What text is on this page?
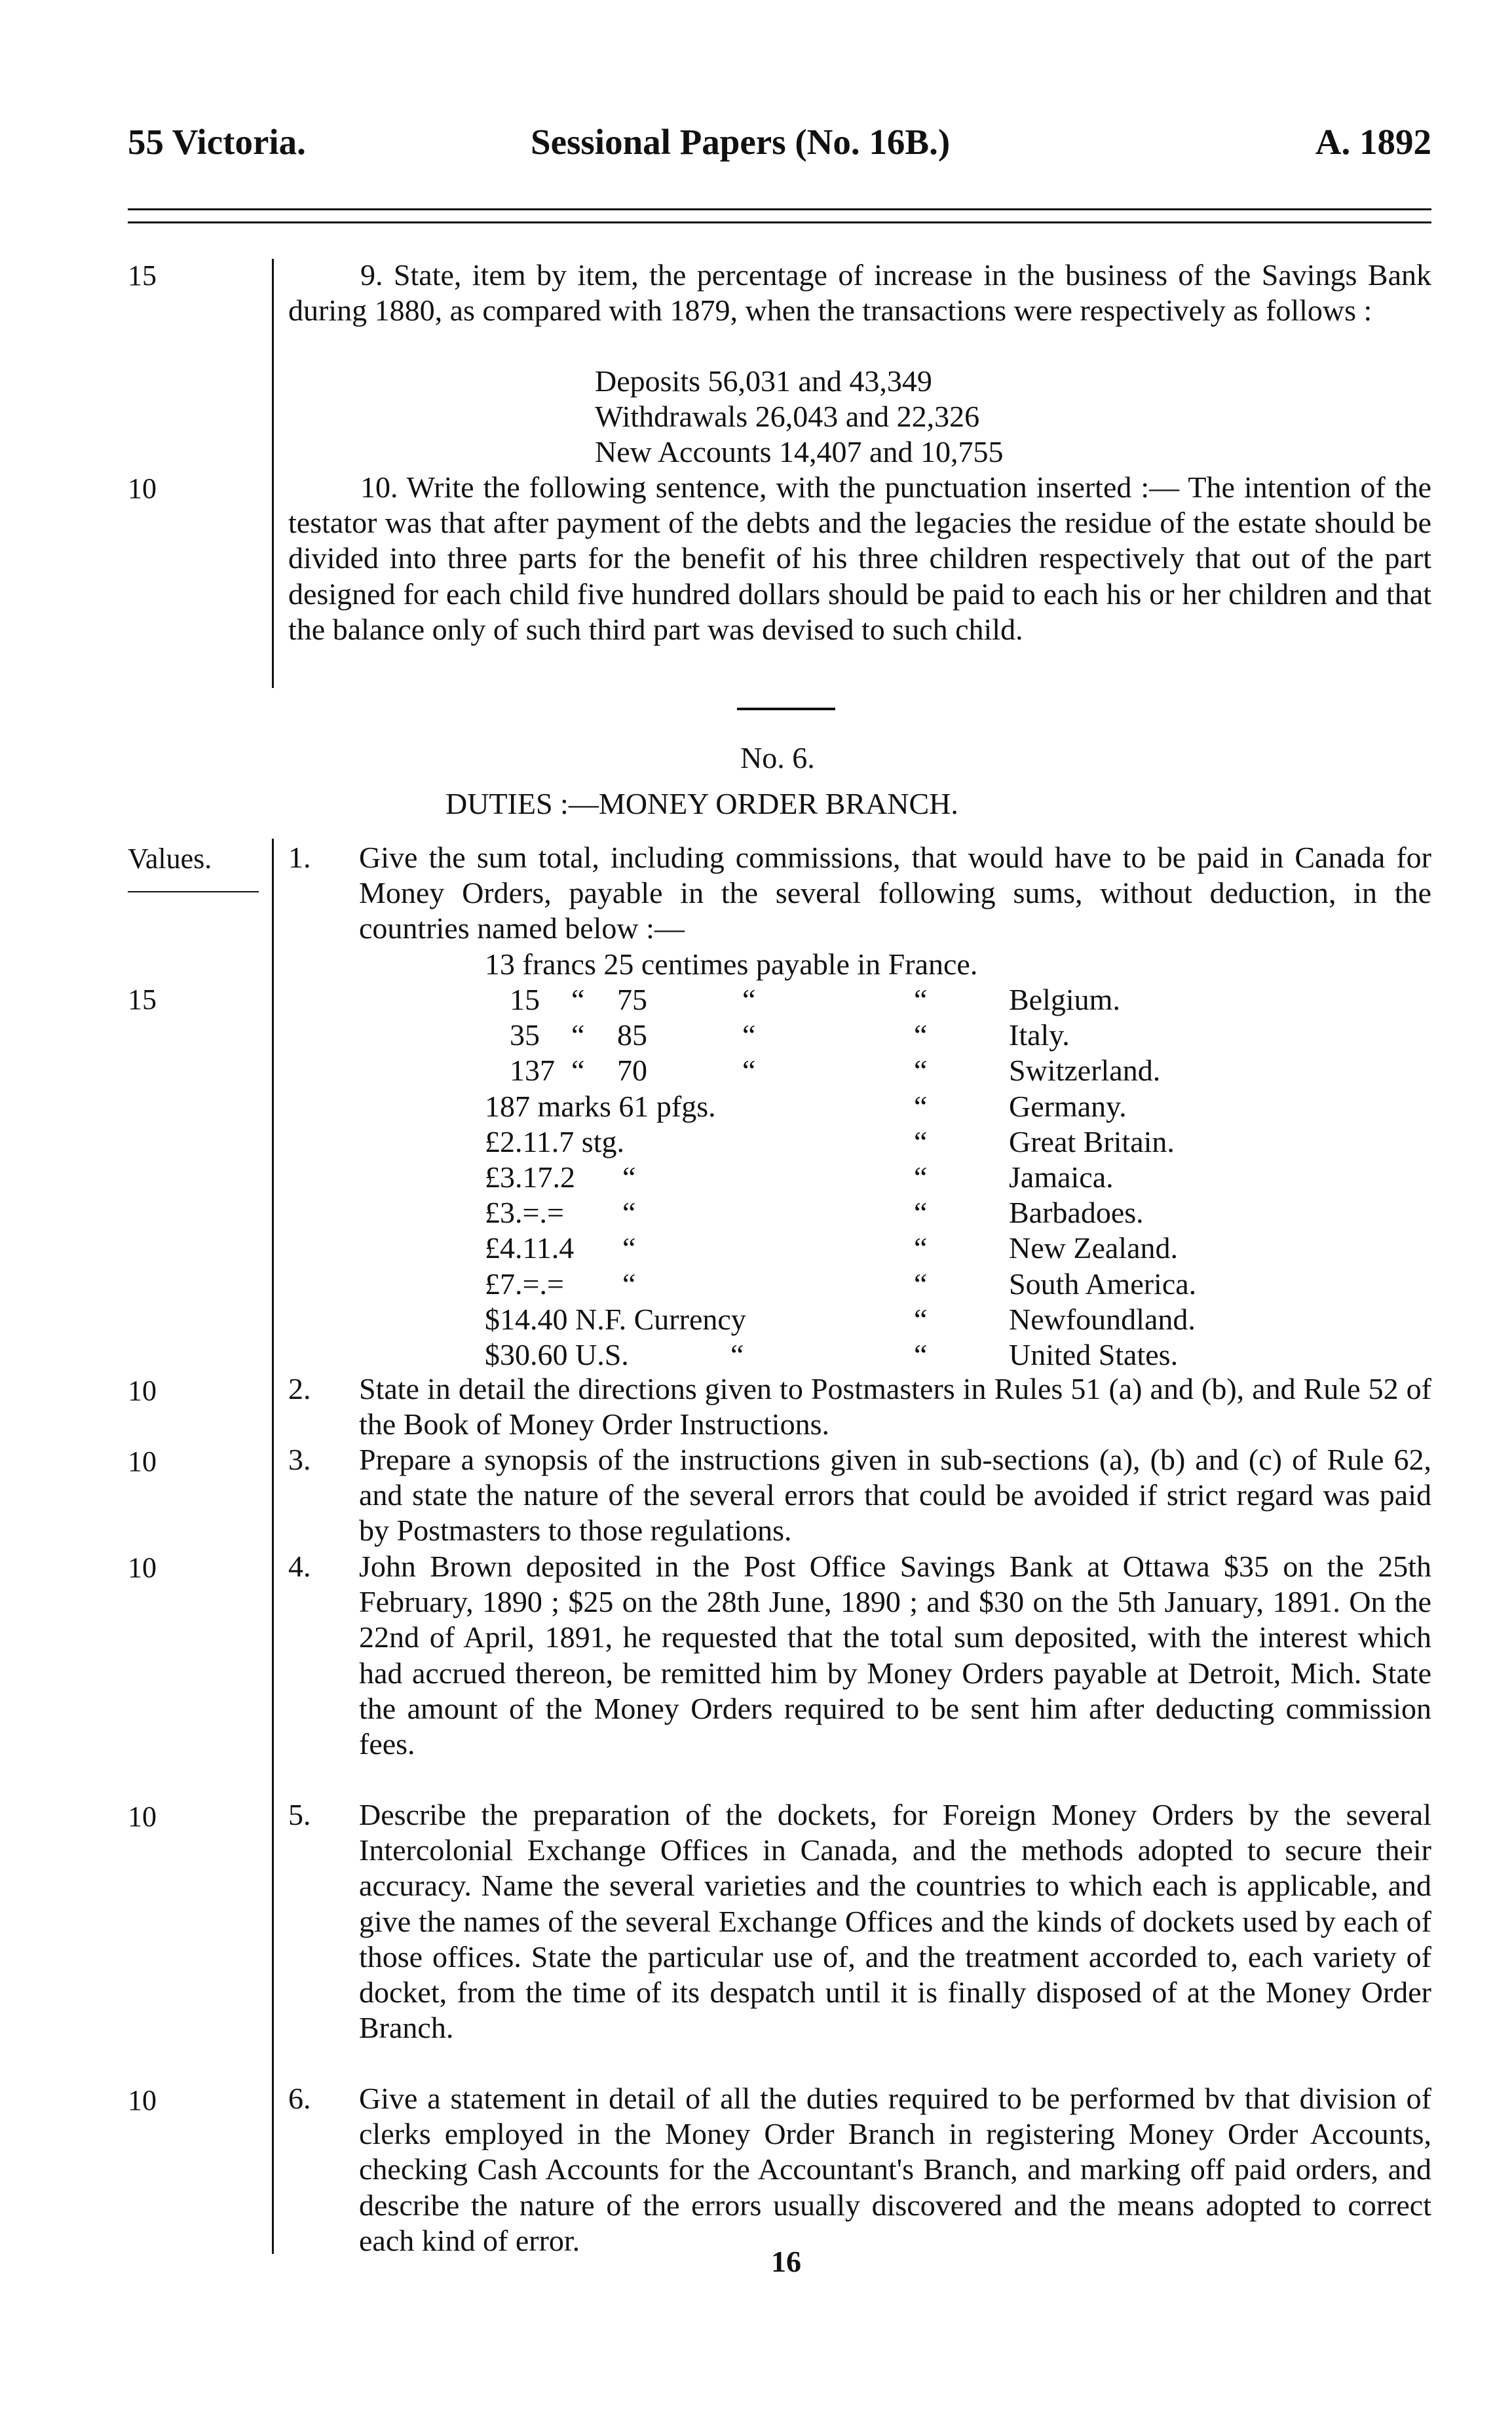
55 Victoria.	Sessional Papers (No. 16B.)	A. 1892
15	9. State, item by item, the percentage of increase in the business of the Savings Bank during 1880, as compared with 1879, when the transactions were respectively as follows :
Deposits 56,031 and 43,349
Withdrawals 26,043 and 22,326
New Accounts 14,407 and 10,755
10	10. Write the following sentence, with the punctuation inserted :— The intention of the testator was that after payment of the debts and the legacies the residue of the estate should be divided into three parts for the benefit of his three children respectively that out of the part designed for each child five hundred dollars should be paid to each his or her children and that the balance only of such third part was devised to such child.
No. 6.
DUTIES :—MONEY ORDER BRANCH.
Values.
15
1. Give the sum total, including commissions, that would have to be paid in Canada for Money Orders, payable in the several following sums, without deduction, in the countries named below :—
13 francs 25 centimes payable in France.
15 “ 75	“	“	Belgium.
35 “ 85	“	“	Italy.
137 “ 70	“	“	Switzerland.
187 marks 61 pfgs.	“	Germany.
£2.11.7 stg.	“	Great Britain.
£3.17.2 “	“	Jamaica.
£3.=.= “	“	Barbadoes.
£4.11.4 “	“	New Zealand.
£7.=.= “	“	South America.
$14.40 N.F. Currency	“	Newfoundland.
$30.60 U.S.	“	“	United States.
10	2. State in detail the directions given to Postmasters in Rules 51 (a) and (b), and Rule 52 of the Book of Money Order Instructions.
10	3. Prepare a synopsis of the instructions given in sub-sections (a), (b) and (c) of Rule 62, and state the nature of the several errors that could be avoided if strict regard was paid by Postmasters to those regulations.
10	4. John Brown deposited in the Post Office Savings Bank at Ottawa $35 on the 25th February, 1890 ; $25 on the 28th June, 1890 ; and $30 on the 5th January, 1891. On the 22nd of April, 1891, he requested that the total sum deposited, with the interest which had accrued thereon, be remitted him by Money Orders payable at Detroit, Mich. State the amount of the Money Orders required to be sent him after deducting commission fees.
10	5. Describe the preparation of the dockets, for Foreign Money Orders by the several Intercolonial Exchange Offices in Canada, and the methods adopted to secure their accuracy. Name the several varieties and the countries to which each is applicable, and give the names of the several Exchange Offices and the kinds of dockets used by each of those offices. State the particular use of, and the treatment accorded to, each variety of docket, from the time of its despatch until it is finally disposed of at the Money Order Branch.
10	6. Give a statement in detail of all the duties required to be performed bv that division of clerks employed in the Money Order Branch in registering Money Order Accounts, checking Cash Accounts for the Accountant's Branch, and marking off paid orders, and describe the nature of the errors usually discovered and the means adopted to correct each kind of error.
16
